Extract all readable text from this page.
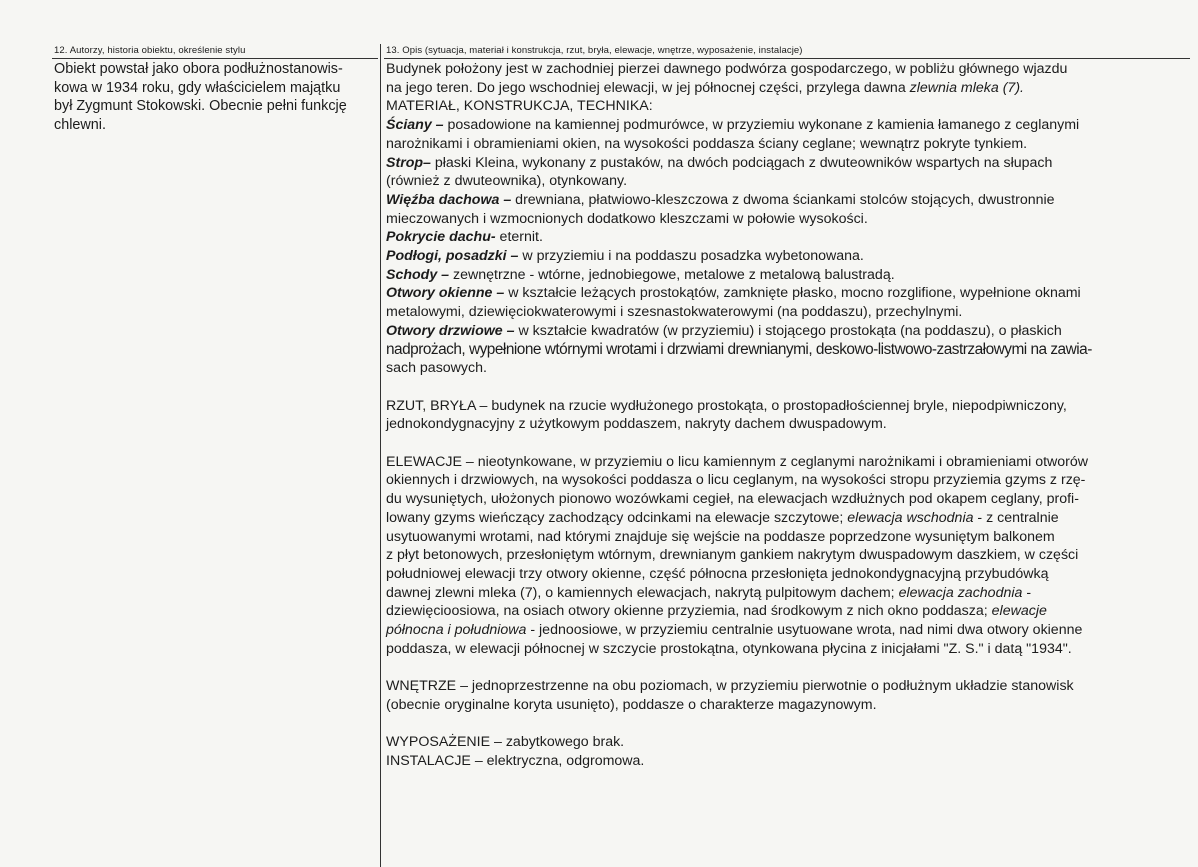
12. Autorzy, historia obiektu, określenie stylu
Obiekt powstał jako obora podłużnostanowis-
kowa w 1934 roku, gdy właścicielem majątku
był Zygmunt Stokowski. Obecnie pełni funkcję
chlewni.
13. Opis (sytuacja, materiał i konstrukcja, rzut, bryła, elewacje, wnętrze, wyposażenie, instalacje)
Budynek położony jest w zachodniej pierzei dawnego podwórza gospodarczego, w pobliżu głównego wjazdu
na jego teren. Do jego wschodniej elewacji, w jej północnej części, przylega dawna zlewnia mleka (7).
MATERIAŁ, KONSTRUKCJA, TECHNIKA:
Ściany – posadowione na kamiennej podmurówce, w przyziemiu wykonane z kamienia łamanego z ceglanymi
narożnikami i obramieniami okien, na wysokości poddasza ściany ceglane; wewnątrz pokryte tynkiem.
Strop– płaski Kleina, wykonany z pustaków, na dwóch podciągach z dwuteowników wspartych na słupach
(również z dwuteownika), otynkowany.
Więźba dachowa – drewniana, płatwiowo-kleszczowa z dwoma ściankami stolców stojących, dwustronnie
mieczowanych i wzmocnionych dodatkowo kleszczami w połowie wysokości.
Pokrycie dachu- eternit.
Podłogi, posadzki – w przyziemiu i na poddaszu posadzka wybetonowana.
Schody – zewnętrzne - wtórne, jednobiegowe, metalowe z metalową balustradą.
Otwory okienne – w kształcie leżących prostokątów, zamknięte płasko, mocno rozglifione, wypełnione oknami
metalowymi, dziewięciokwaterowymi i szesnastokwaterowymi (na poddaszu), przechylnymi.
Otwory drzwiowe – w kształcie kwadratów (w przyziemiu) i stojącego prostokąta (na poddaszu), o płaskich
nadprożach, wypełnione wtórnymi wrotami i drzwiami drewnianymi, deskowo-listwowo-zastrzałowymi na zawia-
sach pasowych.
RZUT, BRYŁA – budynek na rzucie wydłużonego prostokąta, o prostopadłościennej bryle, niepodpiwniczony,
jednokondygnacyjny z użytkowym poddaszem, nakryty dachem dwuspadowym.
ELEWACJE – nieotynkowane, w przyziemiu o licu kamiennym z ceglanymi narożnikami i obramieniami otworów
okiennych i drzwiowych, na wysokości poddasza o licu ceglanym, na wysokości stropu przyziemia gzyms z rzę-
du wysuniętych, ułożonych pionowo wozówkami cegieł, na elewacjach wzdłużnych pod okapem ceglany, profi-
lowany gzyms wieńczący zachodzący odcinkami na elewacje szczytowe; elewacja wschodnia - z centralnie
usytuowanymi wrotami, nad którymi znajduje się wejście na poddasze poprzedzone wysuniętym balkonem
z płyt betonowych, przesłoniętym wtórnym, drewnianym gankiem nakrytym dwuspadowym daszkiem, w części
południowej elewacji trzy otwory okienne, część północna przesłonięta jednokondygnacyjną przybudówką
dawnej zlewni mleka (7), o kamiennych elewacjach, nakrytą pulpitowym dachem; elewacja zachodnia -
dziewięcioosiowa, na osiach otwory okienne przyziemia, nad środkowym z nich okno poddasza; elewacje
północna i południowa - jednoosiowe, w przyziemiu centralnie usytuowane wrota, nad nimi dwa otwory okienne
poddasza, w elewacji północnej w szczycie prostokątna, otynkowana płycina z inicjałami "Z. S." i datą "1934".
WNĘTRZE – jednoprzestrzenne na obu poziomach, w przyziemiu pierwotnie o podłużnym układzie stanowisk
(obecnie oryginalne koryta usunięto), poddasze o charakterze magazynowym.
WYPOSAŻENIE – zabytkowego brak.
INSTALACJE – elektryczna, odgromowa.
